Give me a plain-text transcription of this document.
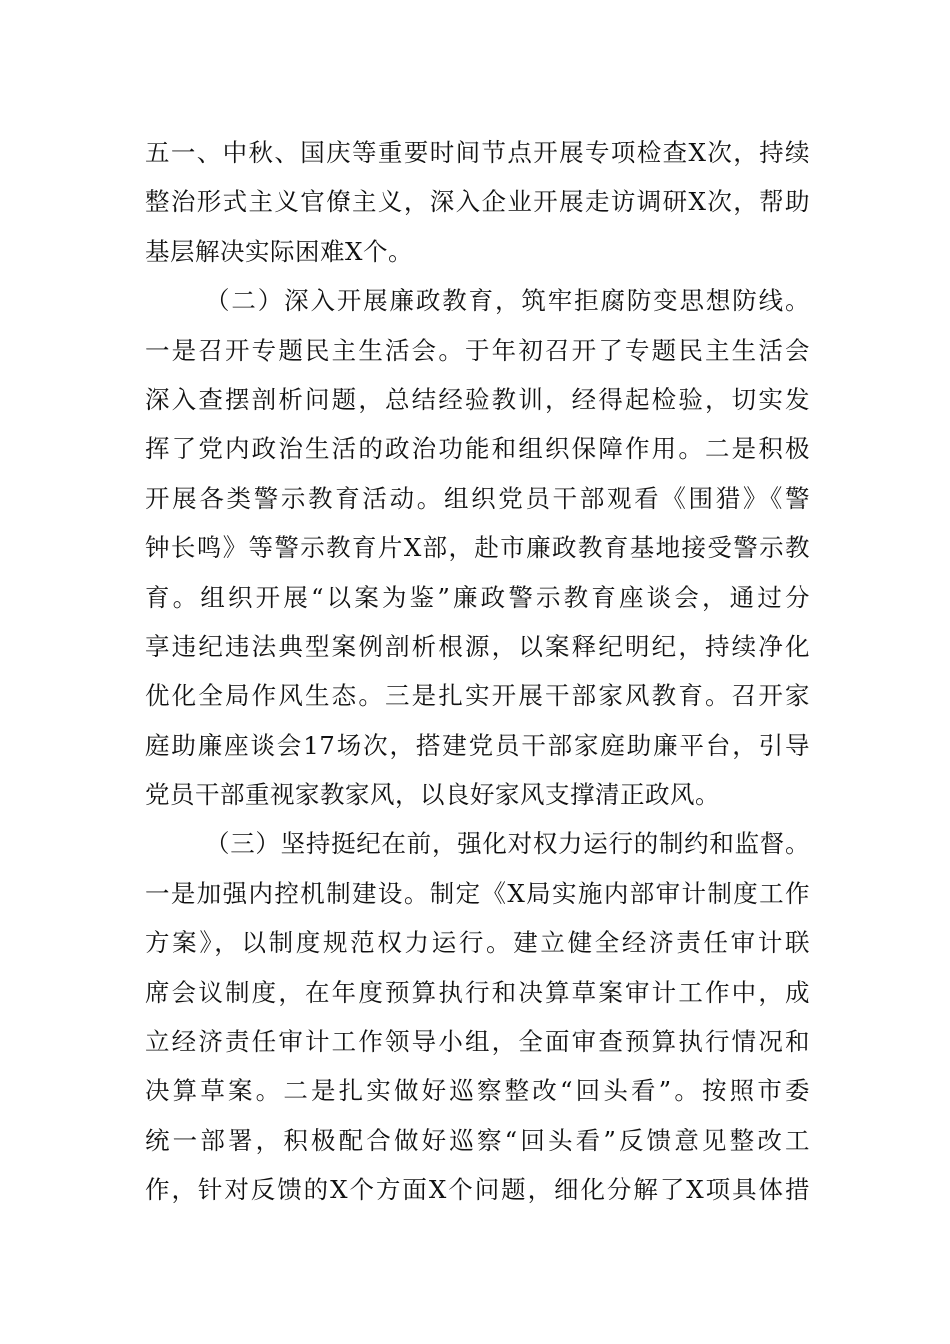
五一、中秋、国庆等重要时间节点开展专项检查X次，持续
整治形式主义官僚主义，深入企业开展走访调研X次，帮助
基层解决实际困难X个。
（二）深入开展廉政教育，筑牢拒腐防变思想防线。
一是召开专题民主生活会。于年初召开了专题民主生活会
深入查摆剖析问题，总结经验教训，经得起检验，切实发
挥了党内政治生活的政治功能和组织保障作用。二是积极
开展各类警示教育活动。组织党员干部观看《围猎》《警
钟长鸣》等警示教育片X部，赴市廉政教育基地接受警示教
育。组织开展“以案为鉴”廉政警示教育座谈会，通过分
享违纪违法典型案例剖析根源，以案释纪明纪，持续净化
优化全局作风生态。三是扎实开展干部家风教育。召开家
庭助廉座谈会17场次，搭建党员干部家庭助廉平台，引导
党员干部重视家教家风，以良好家风支撑清正政风。
（三）坚持挺纪在前，强化对权力运行的制约和监督。
一是加强内控机制建设。制定《X局实施内部审计制度工作
方案》，以制度规范权力运行。建立健全经济责任审计联
席会议制度，在年度预算执行和决算草案审计工作中，成
立经济责任审计工作领导小组，全面审查预算执行情况和
决算草案。二是扎实做好巡察整改“回头看”。按照市委
统一部署，积极配合做好巡察“回头看”反馈意见整改工
作，针对反馈的X个方面X个问题，细化分解了X项具体措
